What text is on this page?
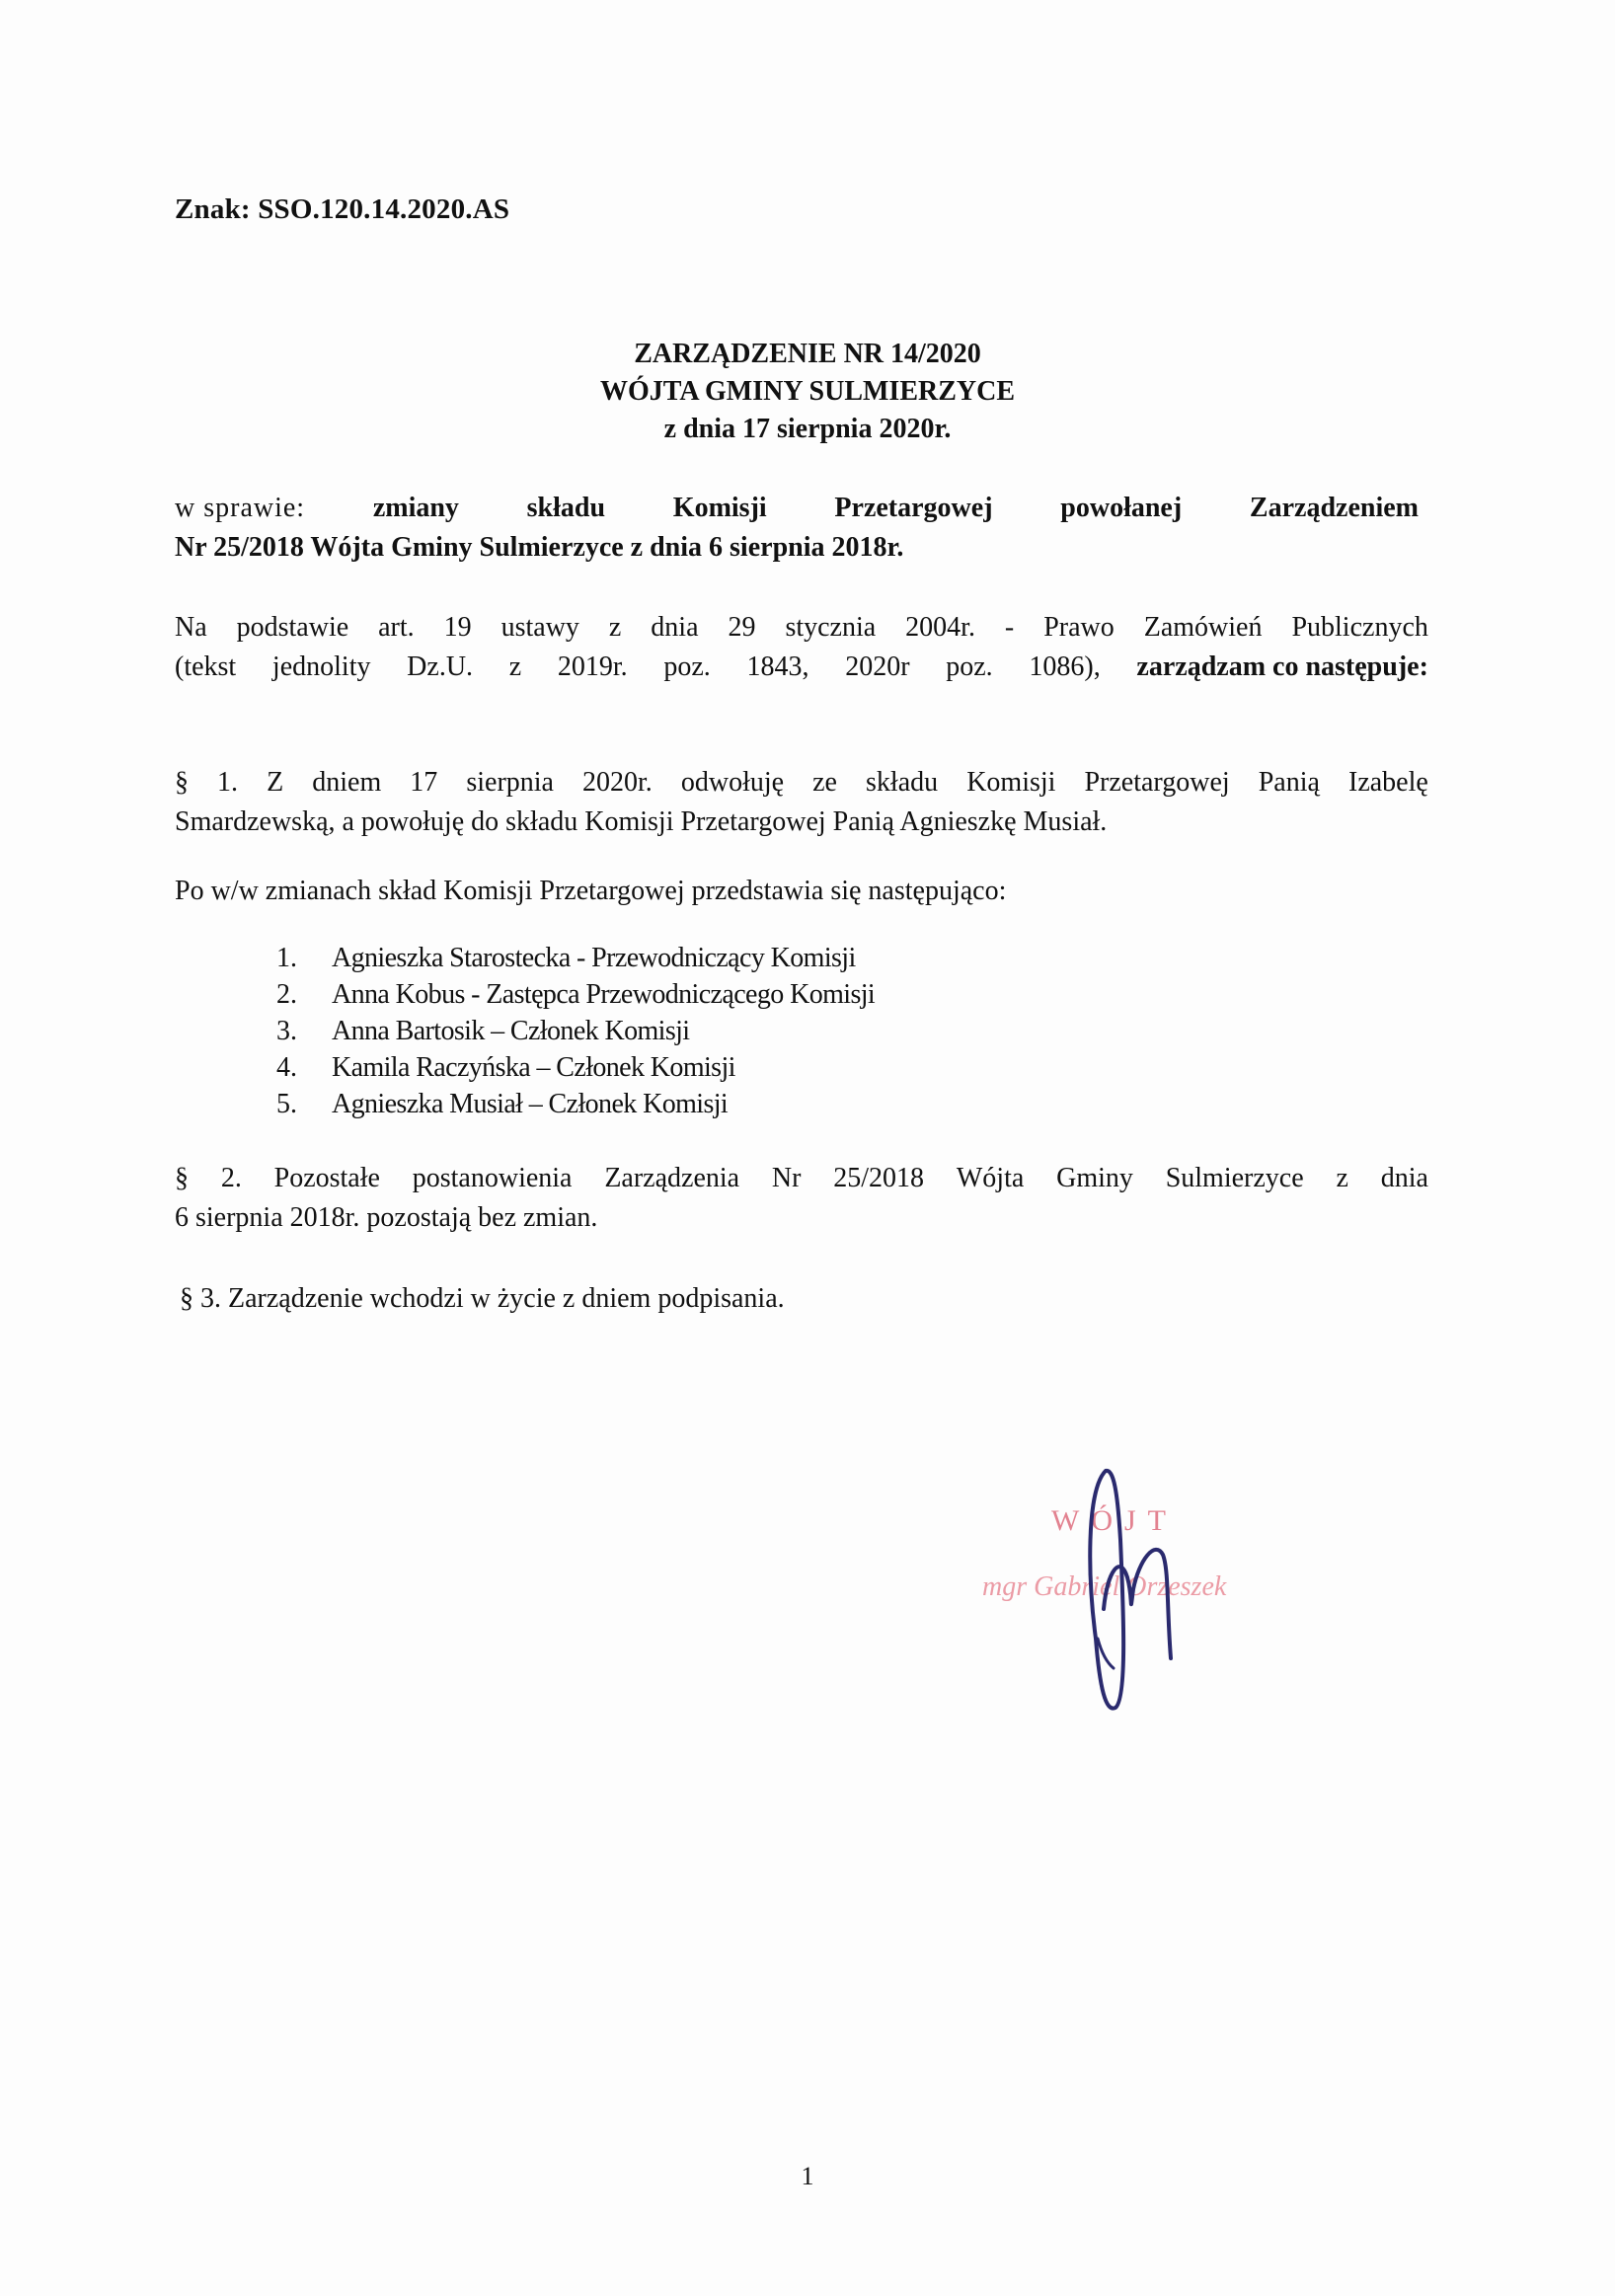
Znak: SSO.120.14.2020.AS
ZARZĄDZENIE NR 14/2020
WÓJTA GMINY SULMIERZYCE
z dnia 17 sierpnia 2020r.
w sprawie: zmiany składu Komisji Przetargowej powołanej Zarządzeniem
Nr 25/2018 Wójta Gminy Sulmierzyce z dnia 6 sierpnia 2018r.
Na podstawie art. 19 ustawy z dnia 29 stycznia 2004r. - Prawo Zamówień Publicznych
(tekst jednolity Dz.U. z 2019r. poz. 1843, 2020r poz. 1086), zarządzam co następuje:
§ 1. Z dniem 17 sierpnia 2020r. odwołuję ze składu Komisji Przetargowej Panią Izabelę
Smardzewską, a powołuję do składu Komisji Przetargowej Panią Agnieszkę Musiał.
Po w/w zmianach skład Komisji Przetargowej przedstawia się następująco:
1.	Agnieszka Starostecka - Przewodniczący Komisji
2.	Anna Kobus - Zastępca Przewodniczącego Komisji
3.	Anna Bartosik – Członek Komisji
4.	Kamila Raczyńska – Członek Komisji
5.	Agnieszka Musiał – Członek Komisji
§ 2. Pozostałe postanowienia Zarządzenia Nr 25/2018 Wójta Gminy Sulmierzyce z dnia
6 sierpnia 2018r. pozostają bez zmian.
§ 3. Zarządzenie wchodzi w życie z dniem podpisania.
WÓJT
mgr Gabriel Orzeszek
1
